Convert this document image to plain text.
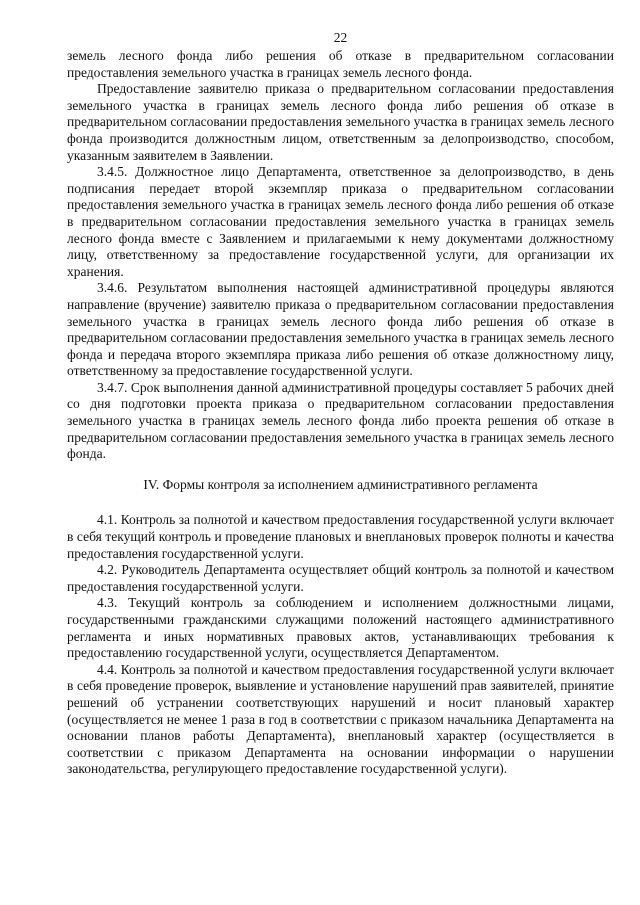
22

земель лесного фонда либо решения об отказе в предварительном согласовании предоставления земельного участка в границах земель лесного фонда.

Предоставление заявителю приказа о предварительном согласовании предоставления земельного участка в границах земель лесного фонда либо решения об отказе в предварительном согласовании предоставления земельного участка в границах земель лесного фонда производится должностным лицом, ответственным за делопроизводство, способом, указанным заявителем в Заявлении.

3.4.5. Должностное лицо Департамента, ответственное за делопроизводство, в день подписания передает второй экземпляр приказа о предварительном согласовании предоставления земельного участка в границах земель лесного фонда либо решения об отказе в предварительном согласовании предоставления земельного участка в границах земель лесного фонда вместе с Заявлением и прилагаемыми к нему документами должностному лицу, ответственному за предоставление государственной услуги, для организации их хранения.

3.4.6. Результатом выполнения настоящей административной процедуры являются направление (вручение) заявителю приказа о предварительном согласовании предоставления земельного участка в границах земель лесного фонда либо решения об отказе в предварительном согласовании предоставления земельного участка в границах земель лесного фонда и передача второго экземпляра приказа либо решения об отказе должностному лицу, ответственному за предоставление государственной услуги.

3.4.7. Срок выполнения данной административной процедуры составляет 5 рабочих дней со дня подготовки проекта приказа о предварительном согласовании предоставления земельного участка в границах земель лесного фонда либо проекта решения об отказе в предварительном согласовании предоставления земельного участка в границах земель лесного фонда.

IV. Формы контроля за исполнением административного регламента

4.1. Контроль за полнотой и качеством предоставления государственной услуги включает в себя текущий контроль и проведение плановых и внеплановых проверок полноты и качества предоставления государственной услуги.

4.2. Руководитель Департамента осуществляет общий контроль за полнотой и качеством предоставления государственной услуги.

4.3. Текущий контроль за соблюдением и исполнением должностными лицами, государственными гражданскими служащими положений настоящего административного регламента и иных нормативных правовых актов, устанавливающих требования к предоставлению государственной услуги, осуществляется Департаментом.

4.4. Контроль за полнотой и качеством предоставления государственной услуги включает в себя проведение проверок, выявление и установление нарушений прав заявителей, принятие решений об устранении соответствующих нарушений и носит плановый характер (осуществляется не менее 1 раза в год в соответствии с приказом начальника Департамента на основании планов работы Департамента), внеплановый характер (осуществляется в соответствии с приказом Департамента на основании информации о нарушении законодательства, регулирующего предоставление государственной услуги).
